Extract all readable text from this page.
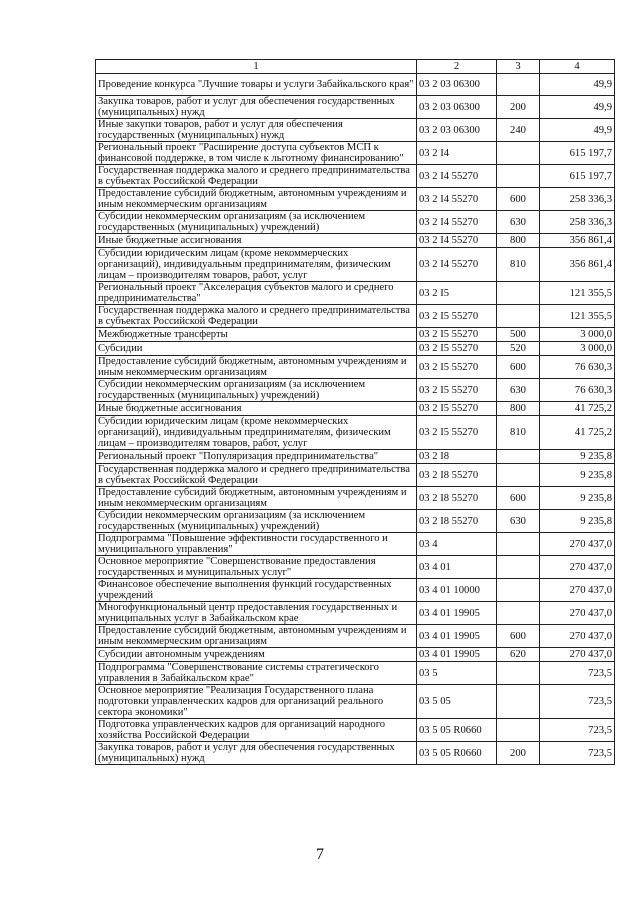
1	2	3	4
Проведение конкурса "Лучшие товары и услуги Забайкальского края"	03 2 03 06300		49,9
Закупка товаров, работ и услуг для обеспечения государственных (муниципальных) нужд	03 2 03 06300	200	49,9
Иные закупки товаров, работ и услуг для обеспечения государственных (муниципальных) нужд	03 2 03 06300	240	49,9
Региональный проект "Расширение доступа субъектов МСП к финансовой поддержке, в том числе к льготному финансированию"	03 2 I4		615 197,7
Государственная поддержка малого и среднего предпринимательства в субъектах Российской Федерации	03 2 I4 55270		615 197,7
Предоставление субсидий бюджетным, автономным учреждениям и иным некоммерческим организациям	03 2 I4 55270	600	258 336,3
Субсидии некоммерческим организациям (за исключением государственных (муниципальных) учреждений)	03 2 I4 55270	630	258 336,3
Иные бюджетные ассигнования	03 2 I4 55270	800	356 861,4
Субсидии юридическим лицам (кроме некоммерческих организаций), индивидуальным предпринимателям, физическим лицам – производителям товаров, работ, услуг	03 2 I4 55270	810	356 861,4
Региональный проект "Акселерация субъектов малого и среднего предпринимательства"	03 2 I5		121 355,5
Государственная поддержка малого и среднего предпринимательства в субъектах Российской Федерации	03 2 I5 55270		121 355,5
Межбюджетные трансферты	03 2 I5 55270	500	3 000,0
Субсидии	03 2 I5 55270	520	3 000,0
Предоставление субсидий бюджетным, автономным учреждениям и иным некоммерческим организациям	03 2 I5 55270	600	76 630,3
Субсидии некоммерческим организациям (за исключением государственных (муниципальных) учреждений)	03 2 I5 55270	630	76 630,3
Иные бюджетные ассигнования	03 2 I5 55270	800	41 725,2
Субсидии юридическим лицам (кроме некоммерческих организаций), индивидуальным предпринимателям, физическим лицам – производителям товаров, работ, услуг	03 2 I5 55270	810	41 725,2
Региональный проект "Популяризация предпринимательства"	03 2 I8		9 235,8
Государственная поддержка малого и среднего предпринимательства в субъектах Российской Федерации	03 2 I8 55270		9 235,8
Предоставление субсидий бюджетным, автономным учреждениям и иным некоммерческим организациям	03 2 I8 55270	600	9 235,8
Субсидии некоммерческим организациям (за исключением государственных (муниципальных) учреждений)	03 2 I8 55270	630	9 235,8
Подпрограмма "Повышение эффективности государственного и муниципального управления"	03 4		270 437,0
Основное мероприятие "Совершенствование предоставления государственных и муниципальных услуг"	03 4 01		270 437,0
Финансовое обеспечение выполнения функций государственных учреждений	03 4 01 10000		270 437,0
Многофункциональный центр предоставления государственных и муниципальных услуг в Забайкальском крае	03 4 01 19905		270 437,0
Предоставление субсидий бюджетным, автономным учреждениям и иным некоммерческим организациям	03 4 01 19905	600	270 437,0
Субсидии автономным учреждениям	03 4 01 19905	620	270 437,0
Подпрограмма "Совершенствование системы стратегического управления в Забайкальском крае"	03 5		723,5
Основное мероприятие "Реализация Государственного плана подготовки управленческих кадров для организаций реального сектора экономики"	03 5 05		723,5
Подготовка управленческих кадров для организаций народного хозяйства Российской Федерации	03 5 05 R0660		723,5
Закупка товаров, работ и услуг для обеспечения государственных (муниципальных) нужд	03 5 05 R0660	200	723,5
7
